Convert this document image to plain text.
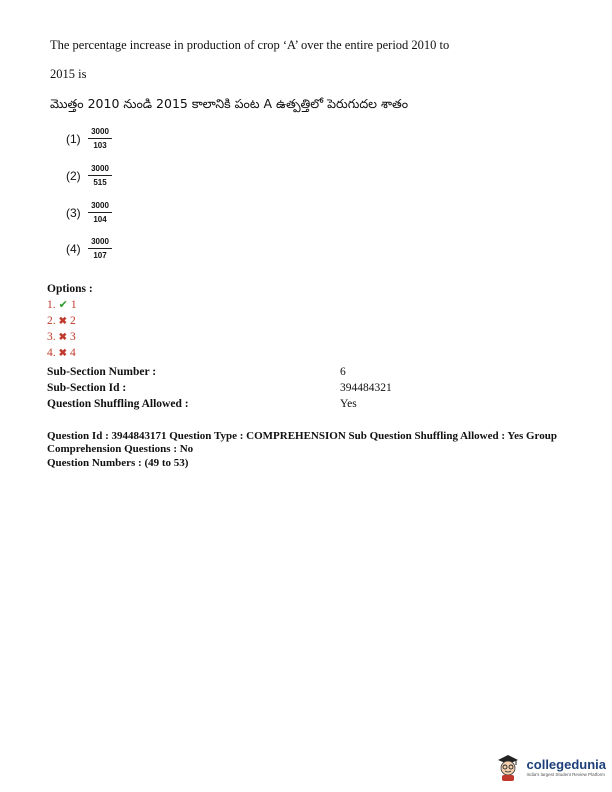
The percentage increase in production of crop ‘A’ over the entire period 2010 to
2015 is
మొత్తం 2010 నుండి 2015 కాలానికి పంట A ఉత్పత్తిలో పెరుగుదల శాతం
$(1) \frac{3000}{103}$
$(2) \frac{3000}{515}$
$(3) \frac{3000}{104}$
$(4) \frac{3000}{107}$
Options :
1. ✔ 1
2. ✖ 2
3. ✖ 3
4. ✖ 4
Sub-Section Number :	6
Sub-Section Id :	394484321
Question Shuffling Allowed :	Yes
Question Id : 3944843171 Question Type : COMPREHENSION Sub Question Shuffling Allowed : Yes Group
Comprehension Questions : No
Question Numbers : (49 to 53)
collegedunia
India's largest Student Review Platform
